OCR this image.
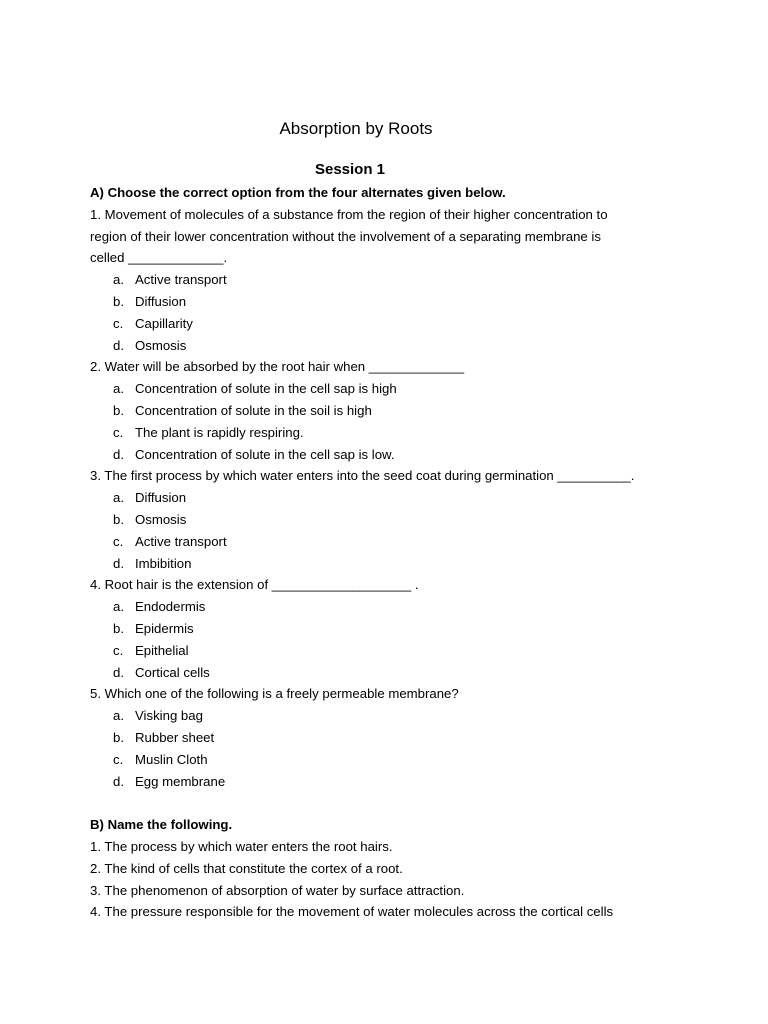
Absorption by Roots
Session 1
A) Choose the correct option from the four alternates given below.
1. Movement of molecules of a substance from the region of their higher concentration to
region of their lower concentration without the involvement of a separating membrane is
celled _____________.
a. Active transport
b. Diffusion
c. Capillarity
d. Osmosis
2. Water will be absorbed by the root hair when _____________
a. Concentration of solute in the cell sap is high
b. Concentration of solute in the soil is high
c. The plant is rapidly respiring.
d. Concentration of solute in the cell sap is low.
3. The first process by which water enters into the seed coat during germination __________.
a. Diffusion
b. Osmosis
c. Active transport
d. Imbibition
4. Root hair is the extension of ___________________ .
a. Endodermis
b. Epidermis
c. Epithelial
d. Cortical cells
5. Which one of the following is a freely permeable membrane?
a. Visking bag
b. Rubber sheet
c. Muslin Cloth
d. Egg membrane
B) Name the following.
1. The process by which water enters the root hairs.
2. The kind of cells that constitute the cortex of a root.
3. The phenomenon of absorption of water by surface attraction.
4. The pressure responsible for the movement of water molecules across the cortical cells
